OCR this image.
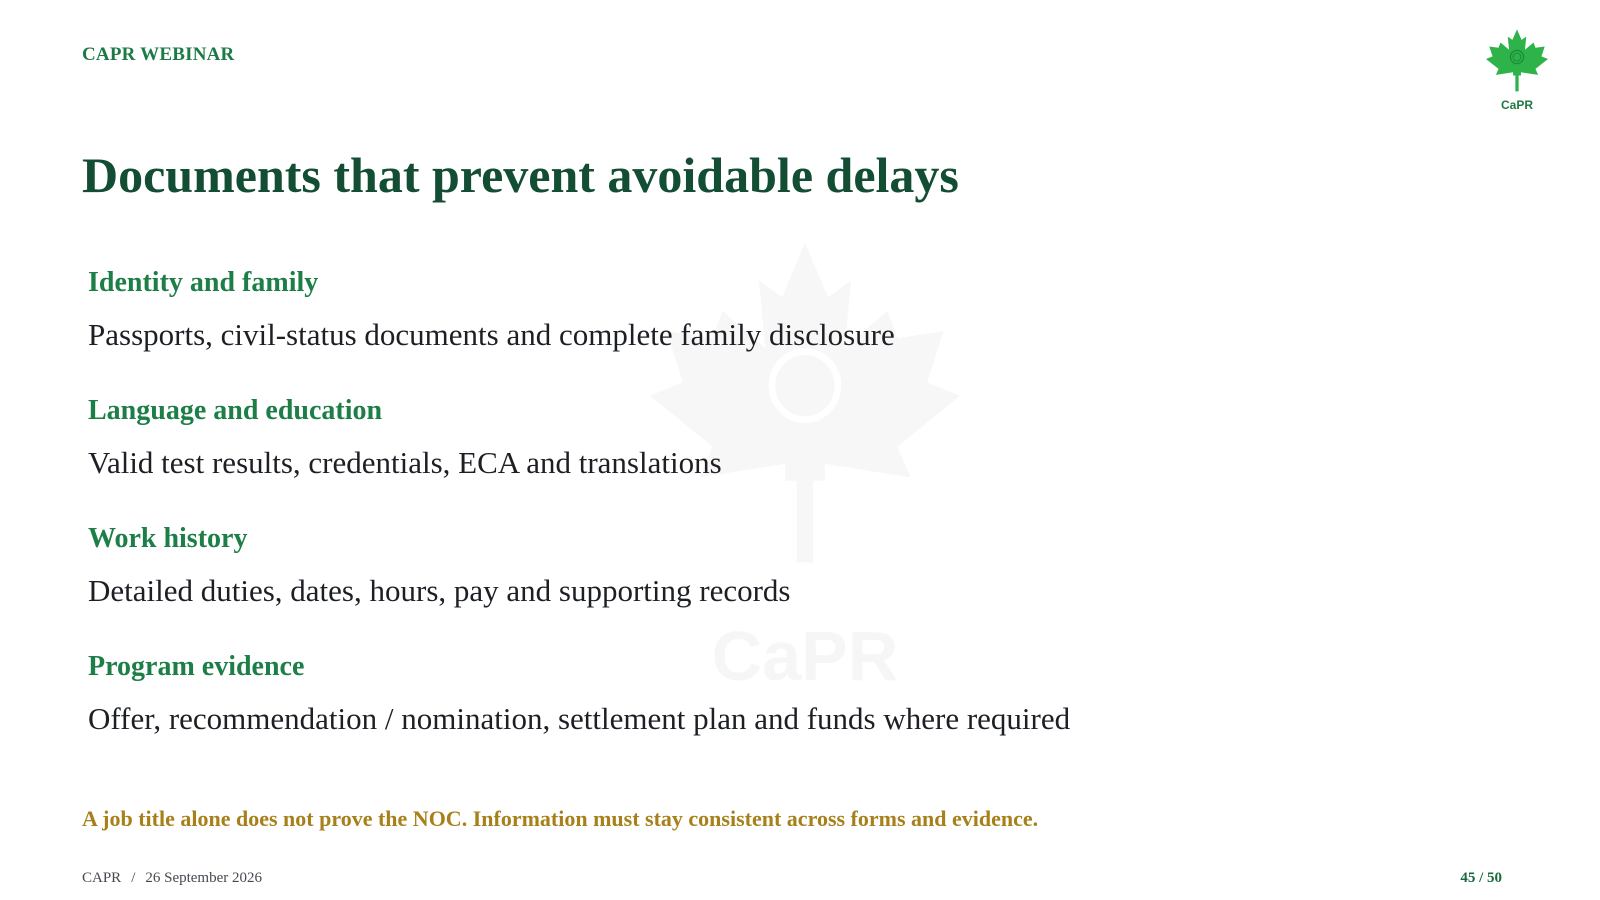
CAPR WEBINAR
CaPR
CaPR
Documents that prevent avoidable delays
Identity and family
Passports, civil-status documents and complete family disclosure
Language and education
Valid test results, credentials, ECA and translations
Work history
Detailed duties, dates, hours, pay and supporting records
Program evidence
Offer, recommendation / nomination, settlement plan and funds where required
A job title alone does not prove the NOC. Information must stay consistent across forms and evidence.
CAPR / 26 September 2026	45 / 50
